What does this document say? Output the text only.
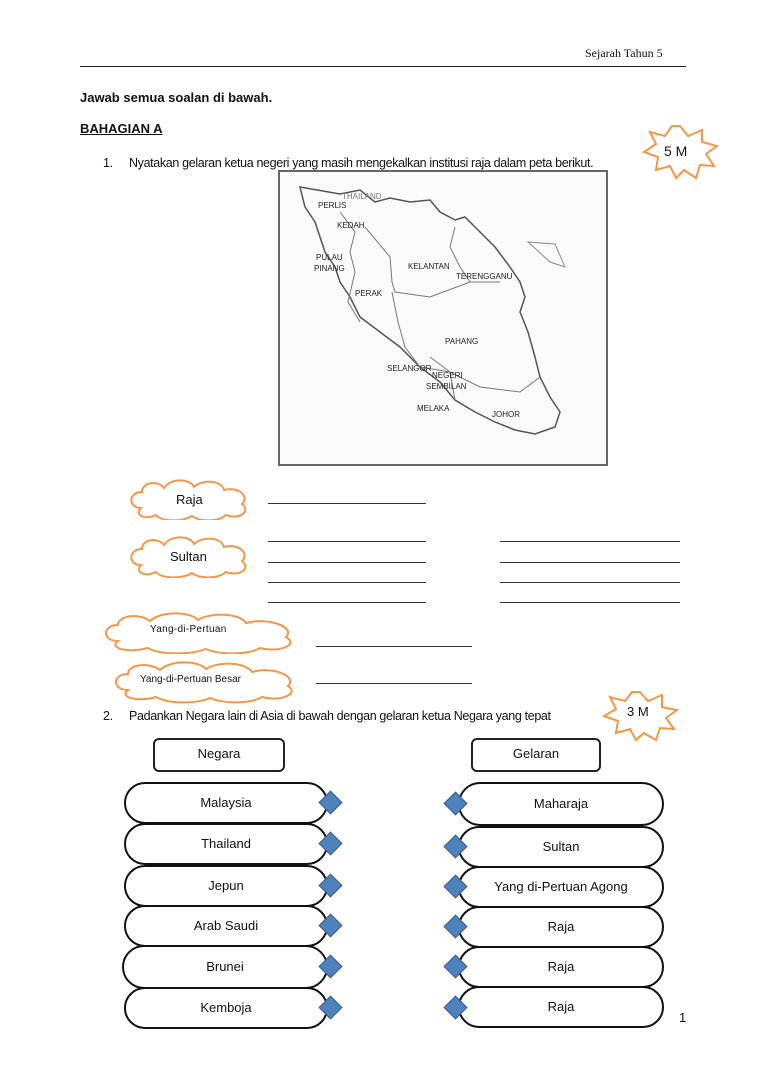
Sejarah Tahun 5
Jawab semua soalan di bawah.
BAHAGIAN A
1. Nyatakan gelaran ketua negeri yang masih mengekalkan institusi raja dalam peta berikut.
5 M
THAILAND
PERLIS
KEDAH
PULAU
PINANG	KELANTAN
TERENGGANU
PERAK
PAHANG
SELANGOR
NEGERI
SEMBILAN
MELAKA
JOHOR
Raja
Sultan
Yang-di-Pertuan
Yang-di-Pertuan Besar
2. Padankan Negara lain di Asia di bawah dengan gelaran ketua Negara yang tepat	3 M
Negara	Gelaran
Malaysia
Thailand
Jepun
Arab Saudi
Brunei
Kemboja
Maharaja
Sultan
Yang di-Pertuan Agong
Raja
Raja
Raja
1
